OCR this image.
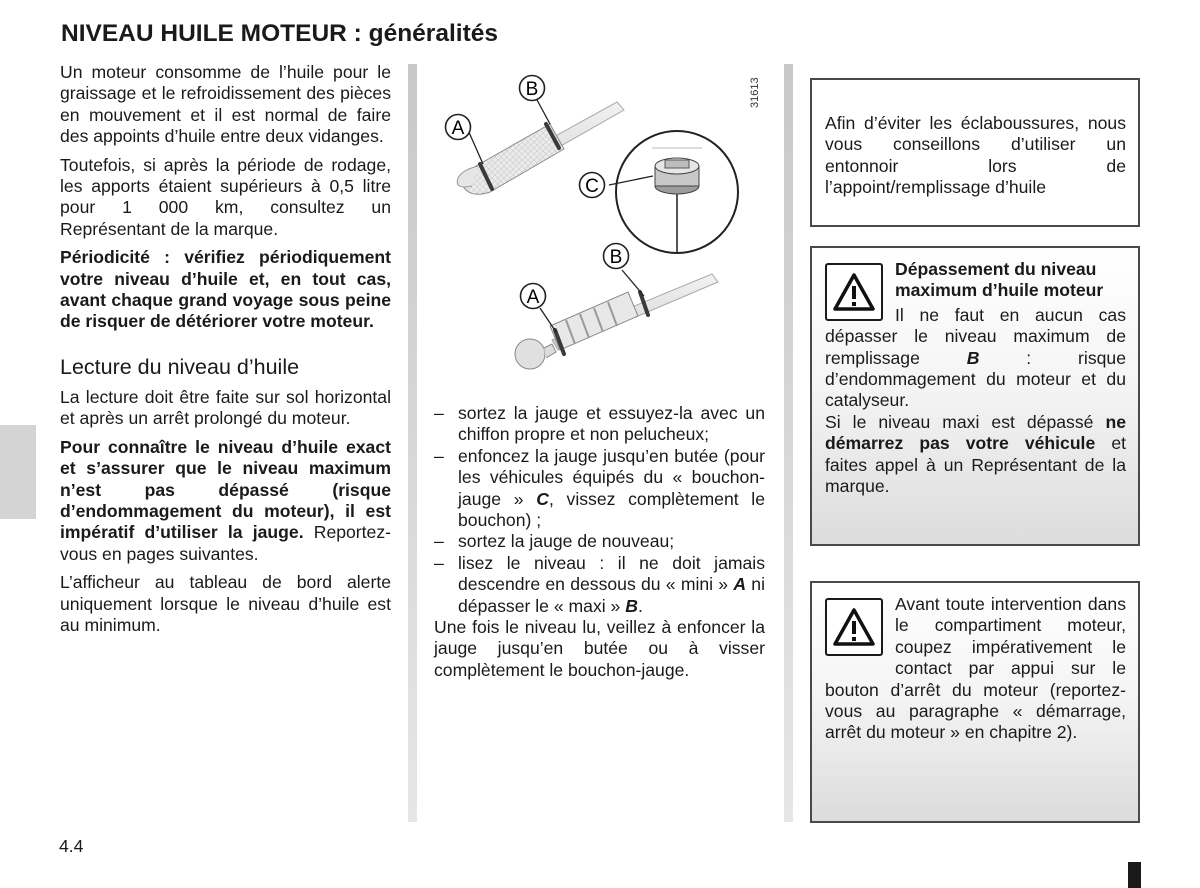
NIVEAU HUILE MOTEUR : généralités

Un moteur consomme de l’huile pour le graissage et le refroidissement des pièces en mouvement et il est normal de faire des appoints d’huile entre deux vidanges.

Toutefois, si après la période de rodage, les apports étaient supérieurs à 0,5 litre pour 1 000 km, consultez un Représentant de la marque.

Périodicité : vérifiez périodiquement votre niveau d’huile et, en tout cas, avant chaque grand voyage sous peine de risquer de détériorer votre moteur.

Lecture du niveau d’huile

La lecture doit être faite sur sol horizontal et après un arrêt prolongé du moteur.

Pour connaître le niveau d’huile exact et s’assurer que le niveau maximum n’est pas dépassé (risque d’endommagement du moteur), il est impératif d’utiliser la jauge. Reportez-vous en pages suivantes.

L’afficheur au tableau de bord alerte uniquement lorsque le niveau d’huile est au minimum.

31613
B
A
C
B
A
– sortez la jauge et essuyez-la avec un chiffon propre et non pelucheux;
– enfoncez la jauge jusqu’en butée (pour les véhicules équipés du « bouchon-jauge » C, vissez complètement le bouchon) ;
– sortez la jauge de nouveau;
– lisez le niveau : il ne doit jamais descendre en dessous du « mini » A ni dépasser le « maxi » B.

Une fois le niveau lu, veillez à enfoncer la jauge jusqu’en butée ou à visser complètement le bouchon-jauge.

Afin d’éviter les éclaboussures, nous vous conseillons d’utiliser un entonnoir lors de l’appoint/remplissage d’huile

Dépassement du niveau maximum d’huile moteur

Il ne faut en aucun cas dépasser le niveau maximum de remplissage B : risque d’endommagement du moteur et du catalyseur.

Si le niveau maxi est dépassé ne démarrez pas votre véhicule et faites appel à un Représentant de la marque.

Avant toute intervention dans le compartiment moteur, coupez impérativement le contact par appui sur le bouton d’arrêt du moteur (reportez-vous au paragraphe « démarrage, arrêt du moteur » en chapitre 2).

4.4
